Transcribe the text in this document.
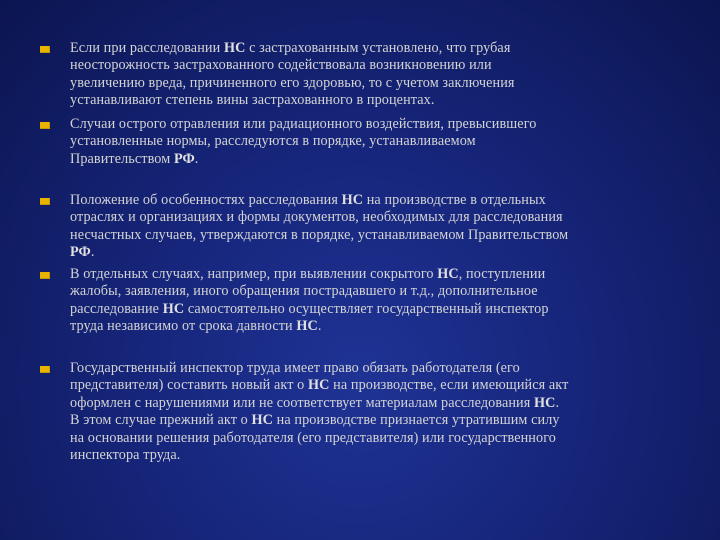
Если при расследовании НС с застрахованным установлено, что грубая
неосторожность застрахованного содействовала возникновению или
увеличению вреда, причиненного его здоровью, то с учетом заключения
устанавливают степень вины застрахованного в процентах.
Случаи острого отравления или радиационного воздействия, превысившего
установленные нормы, расследуются в порядке, устанавливаемом
Правительством РФ.
Положение об особенностях расследования НС на производстве в отдельных
отраслях и организациях и формы документов, необходимых для расследования
несчастных случаев, утверждаются в порядке, устанавливаемом Правительством
РФ.
В отдельных случаях, например, при выявлении сокрытого НС, поступлении
жалобы, заявления, иного обращения пострадавшего и т.д., дополнительное
расследование НС самостоятельно осуществляет государственный инспектор
труда независимо от срока давности НС.
Государственный инспектор труда имеет право обязать работодателя (его
представителя) составить новый акт о НС на производстве, если имеющийся акт
оформлен с нарушениями или не соответствует материалам расследования НС.
В этом случае прежний акт о НС на производстве признается утратившим силу
на основании решения работодателя (его представителя) или государственного
инспектора труда.
